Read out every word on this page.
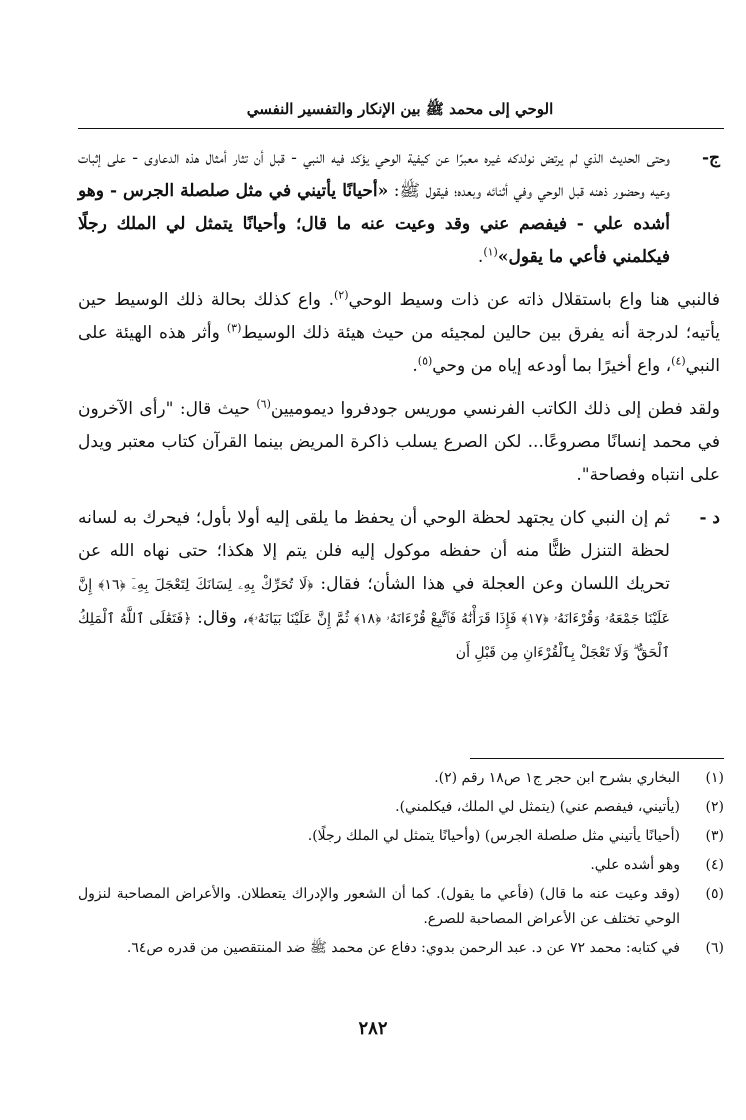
الوحي إلى محمد ﷺ بين الإنكار والتفسير النفسي

ج-
وحتى الحديث الذي لم يرتض نولدكه غيره معبرًا عن كيفية الوحي يؤكد فيه النبي - قبل أن تثار أمثال هذه الدعاوى - على إثبات وعيه وحضور ذهنه قبل الوحي وفي أثنائه وبعده؛ فيقول ﷺ: «أحيانًا يأتيني في مثل صلصلة الجرس - وهو أشده علي - فيفصم عني وقد وعيت عنه ما قال؛ وأحيانًا يتمثل لي الملك رجلًا فيكلمني فأعي ما يقول»$^{(١)}$.

فالنبي هنا واع باستقلال ذاته عن ذات وسيط الوحي$^{(٢)}$. واع كذلك بحالة ذلك الوسيط حين يأتيه؛ لدرجة أنه يفرق بين حالين لمجيئه من حيث هيئة ذلك الوسيط$^{(٣)}$ وأثر هذه الهيئة على النبي$^{(٤)}$، واع أخيرًا بما أودعه إياه من وحي$^{(٥)}$.

ولقد فطن إلى ذلك الكاتب الفرنسي موريس جودفروا ديموميين$^{(٦)}$ حيث قال: "رأى الآخرون في محمد إنسانًا مصروعًا... لكن الصرع يسلب ذاكرة المريض بينما القرآن كتاب معتبر ويدل على انتباه وفصاحة".

د -
ثم إن النبي كان يجتهد لحظة الوحي أن يحفظ ما يلقى إليه أولا بأول؛ فيحرك به لسانه لحظة التنزل ظنًّا منه أن حفظه موكول إليه فلن يتم إلا هكذا؛ حتى نهاه الله عن تحريك اللسان وعن العجلة في هذا الشأن؛ فقال: ﴿لَا تُحَرِّكْ بِهِۦ لِسَانَكَ لِتَعْجَلَ بِهِۦٓ ﴿١٦﴾ إِنَّ عَلَيْنَا جَمْعَهُۥ وَقُرْءَانَهُۥ ﴿١٧﴾ فَإِذَا قَرَأْنَٰهُ فَٱتَّبِعْ قُرْءَانَهُۥ ﴿١٨﴾ ثُمَّ إِنَّ عَلَيْنَا بَيَانَهُۥ﴾، وقال: ﴿فَتَعَٰلَى ٱللَّهُ ٱلْمَلِكُ ٱلْحَقُّ ۗ وَلَا تَعْجَلْ بِٱلْقُرْءَانِ مِن قَبْلِ أَن

(١)
البخاري بشرح ابن حجر ج١ ص١٨ رقم (٢).
(٢)
(يأتيني، فيفصم عني) (يتمثل لي الملك، فيكلمني).
(٣)
(أحيانًا يأتيني مثل صلصلة الجرس) (وأحيانًا يتمثل لي الملك رجلًا).
(٤)
وهو أشده علي.
(٥)
(وقد وعيت عنه ما قال) (فأعي ما يقول). كما أن الشعور والإدراك يتعطلان. والأعراض المصاحبة لنزول الوحي تختلف عن الأعراض المصاحبة للصرع.
(٦)
في كتابه: محمد ٧٢ عن د. عبد الرحمن بدوي: دفاع عن محمد ﷺ ضد المنتقصين من قدره ص٦٤.
٢٨٢
